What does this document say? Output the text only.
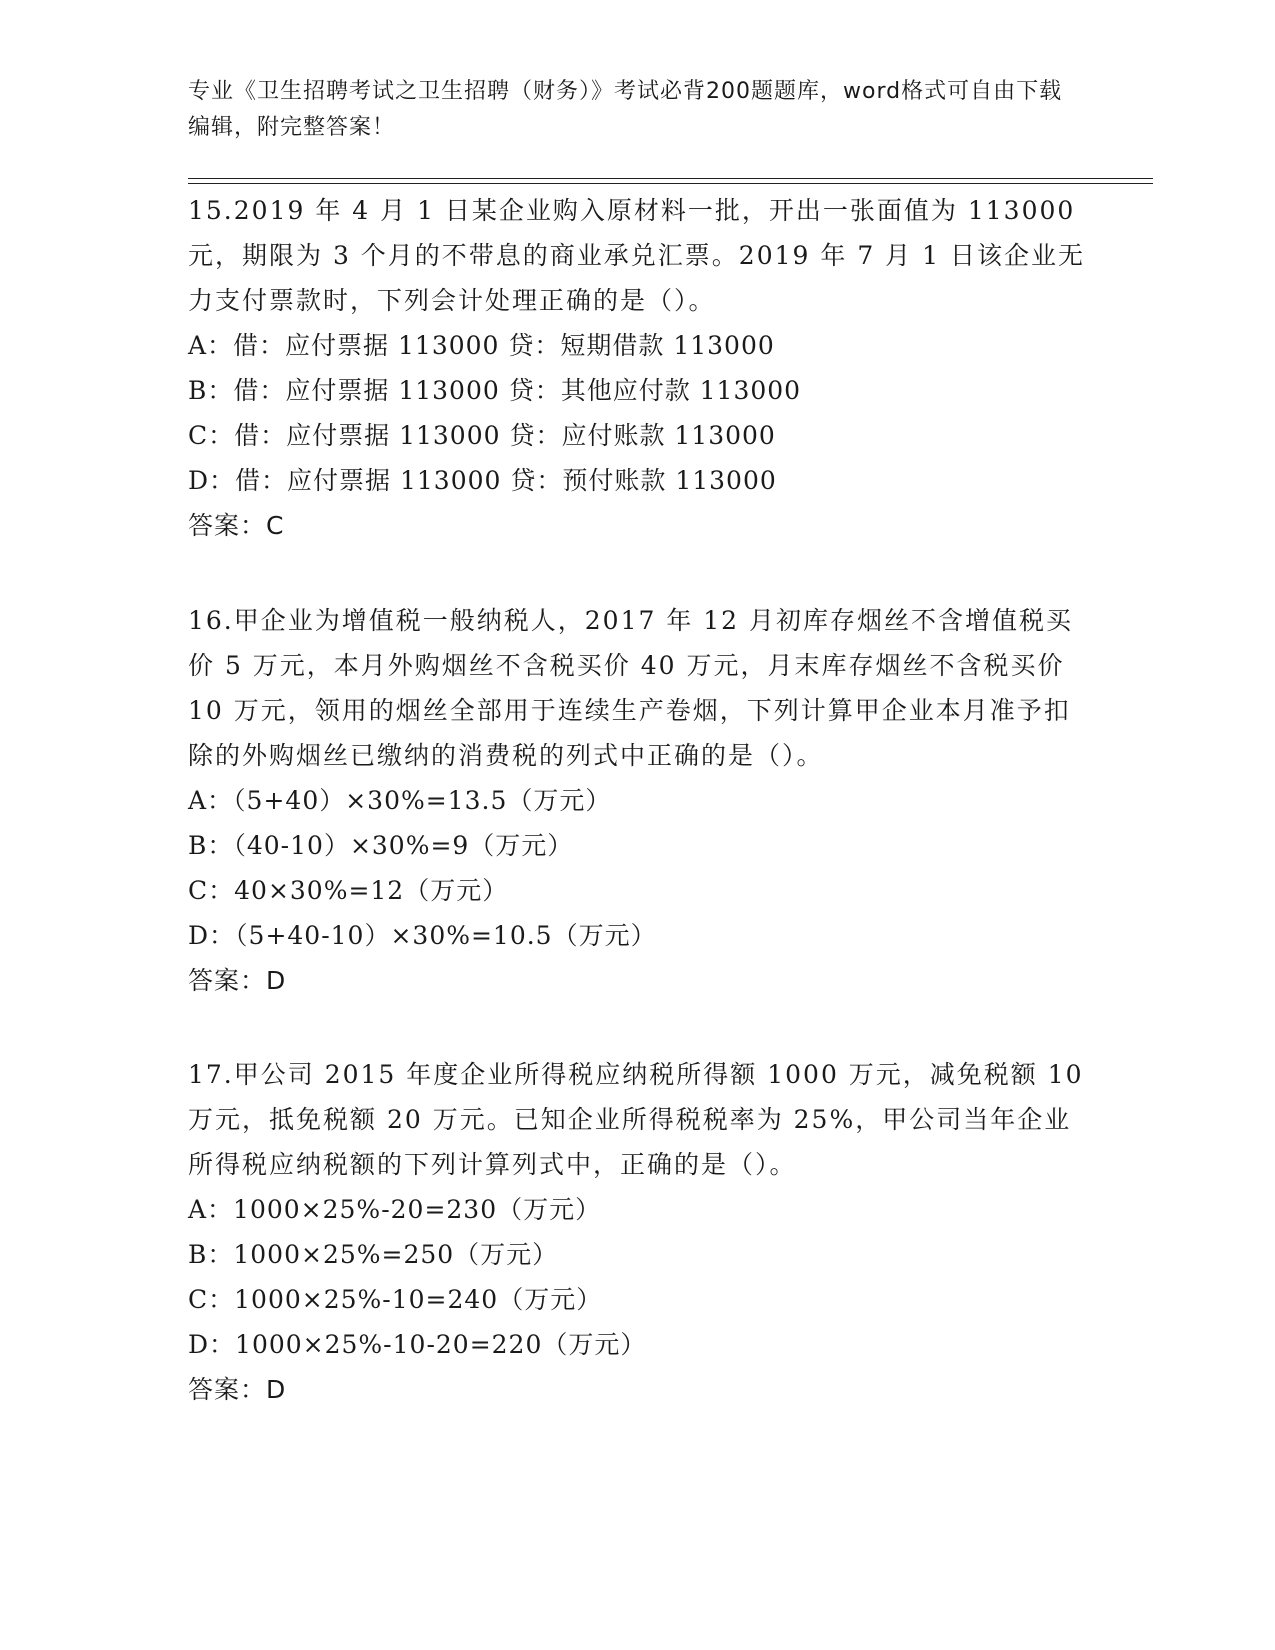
专业《卫生招聘考试之卫生招聘（财务）》考试必背200题题库，word格式可自由下载编辑，附完整答案！

15.2019 年 4 月 1 日某企业购入原材料一批，开出一张面值为 113000 元，期限为 3 个月的不带息的商业承兑汇票。2019 年 7 月 1 日该企业无力支付票款时，下列会计处理正确的是（）。

A：借：应付票据 113000 贷：短期借款 113000

B：借：应付票据 113000 贷：其他应付款 113000

C：借：应付票据 113000 贷：应付账款 113000

D：借：应付票据 113000 贷：预付账款 113000

答案：C

16.甲企业为增值税一般纳税人，2017 年 12 月初库存烟丝不含增值税买价 5 万元，本月外购烟丝不含税买价 40 万元，月末库存烟丝不含税买价 10 万元，领用的烟丝全部用于连续生产卷烟，下列计算甲企业本月准予扣除的外购烟丝已缴纳的消费税的列式中正确的是（）。

A：（5+40）×30%=13.5（万元）

B：（40-10）×30%=9（万元）

C：40×30%=12（万元）

D：（5+40-10）×30%=10.5（万元）

答案：D

17.甲公司 2015 年度企业所得税应纳税所得额 1000 万元，减免税额 10 万元，抵免税额 20 万元。已知企业所得税税率为 25%，甲公司当年企业所得税应纳税额的下列计算列式中，正确的是（）。

A：1000×25%-20=230（万元）

B：1000×25%=250（万元）

C：1000×25%-10=240（万元）

D：1000×25%-10-20=220（万元）

答案：D
